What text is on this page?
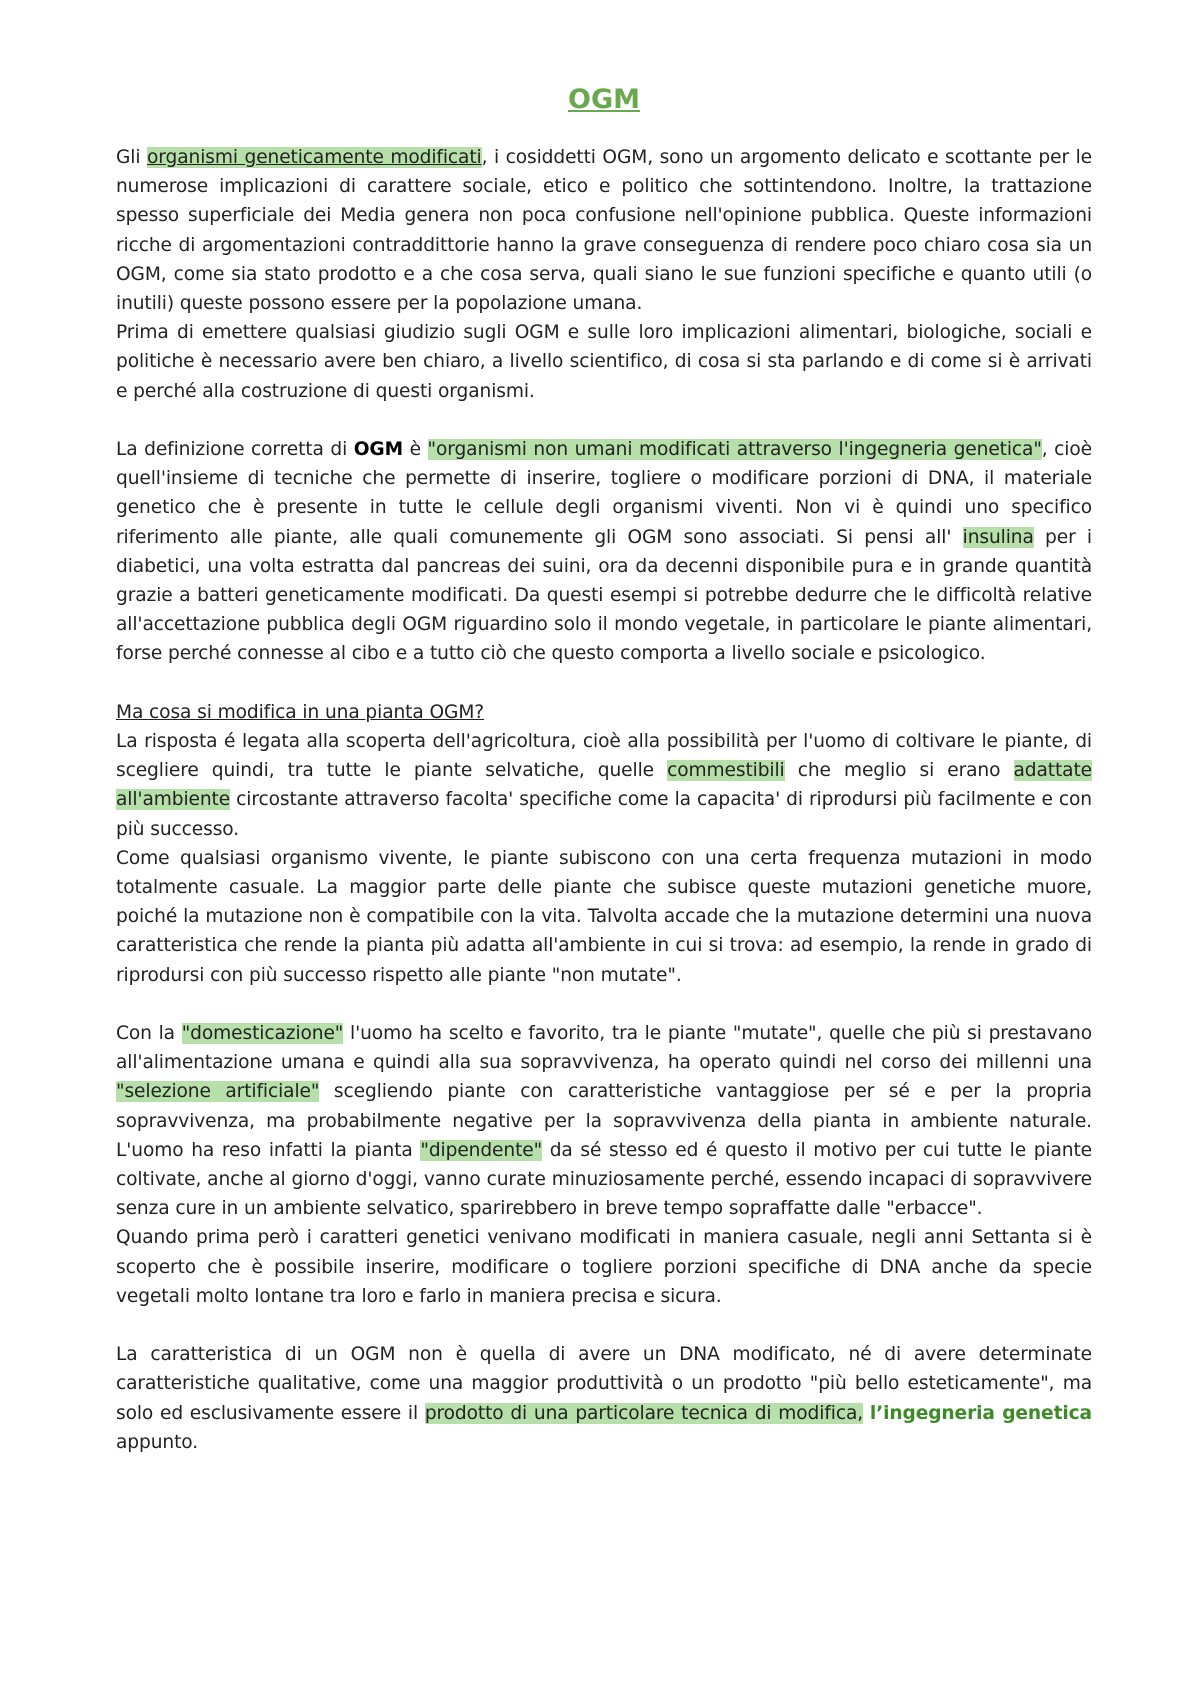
OGM

Gli organismi geneticamente modificati, i cosiddetti OGM, sono un argomento delicato e scottante per le numerose implicazioni di carattere sociale, etico e politico che sottintendono. Inoltre, la trattazione spesso superficiale dei Media genera non poca confusione nell'opinione pubblica. Queste informazioni ricche di argomentazioni contraddittorie hanno la grave conseguenza di rendere poco chiaro cosa sia un OGM, come sia stato prodotto e a che cosa serva, quali siano le sue funzioni specifiche e quanto utili (o inutili) queste possono essere per la popolazione umana.

Prima di emettere qualsiasi giudizio sugli OGM e sulle loro implicazioni alimentari, biologiche, sociali e politiche è necessario avere ben chiaro, a livello scientifico, di cosa si sta parlando e di come si è arrivati e perché alla costruzione di questi organismi.

La definizione corretta di OGM è "organismi non umani modificati attraverso l'ingegneria genetica", cioè quell'insieme di tecniche che permette di inserire, togliere o modificare porzioni di DNA, il materiale genetico che è presente in tutte le cellule degli organismi viventi. Non vi è quindi uno specifico riferimento alle piante, alle quali comunemente gli OGM sono associati. Si pensi all' insulina per i diabetici, una volta estratta dal pancreas dei suini, ora da decenni disponibile pura e in grande quantità grazie a batteri geneticamente modificati. Da questi esempi si potrebbe dedurre che le difficoltà relative all'accettazione pubblica degli OGM riguardino solo il mondo vegetale, in particolare le piante alimentari, forse perché connesse al cibo e a tutto ciò che questo comporta a livello sociale e psicologico.

Ma cosa si modifica in una pianta OGM?

La risposta é legata alla scoperta dell'agricoltura, cioè alla possibilità per l'uomo di coltivare le piante, di scegliere quindi, tra tutte le piante selvatiche, quelle commestibili che meglio si erano adattate all'ambiente circostante attraverso facolta' specifiche come la capacita' di riprodursi più facilmente e con più successo.

Come qualsiasi organismo vivente, le piante subiscono con una certa frequenza mutazioni in modo totalmente casuale. La maggior parte delle piante che subisce queste mutazioni genetiche muore, poiché la mutazione non è compatibile con la vita. Talvolta accade che la mutazione determini una nuova caratteristica che rende la pianta più adatta all'ambiente in cui si trova: ad esempio, la rende in grado di riprodursi con più successo rispetto alle piante "non mutate".

Con la "domesticazione" l'uomo ha scelto e favorito, tra le piante "mutate", quelle che più si prestavano all'alimentazione umana e quindi alla sua sopravvivenza, ha operato quindi nel corso dei millenni una "selezione artificiale" scegliendo piante con caratteristiche vantaggiose per sé e per la propria sopravvivenza, ma probabilmente negative per la sopravvivenza della pianta in ambiente naturale. L'uomo ha reso infatti la pianta "dipendente" da sé stesso ed é questo il motivo per cui tutte le piante coltivate, anche al giorno d'oggi, vanno curate minuziosamente perché, essendo incapaci di sopravvivere senza cure in un ambiente selvatico, sparirebbero in breve tempo sopraffatte dalle "erbacce".

Quando prima però i caratteri genetici venivano modificati in maniera casuale, negli anni Settanta si è scoperto che è possibile inserire, modificare o togliere porzioni specifiche di DNA anche da specie vegetali molto lontane tra loro e farlo in maniera precisa e sicura.

La caratteristica di un OGM non è quella di avere un DNA modificato, né di avere determinate caratteristiche qualitative, come una maggior produttività o un prodotto "più bello esteticamente", ma solo ed esclusivamente essere il prodotto di una particolare tecnica di modifica, l’ingegneria genetica appunto.
